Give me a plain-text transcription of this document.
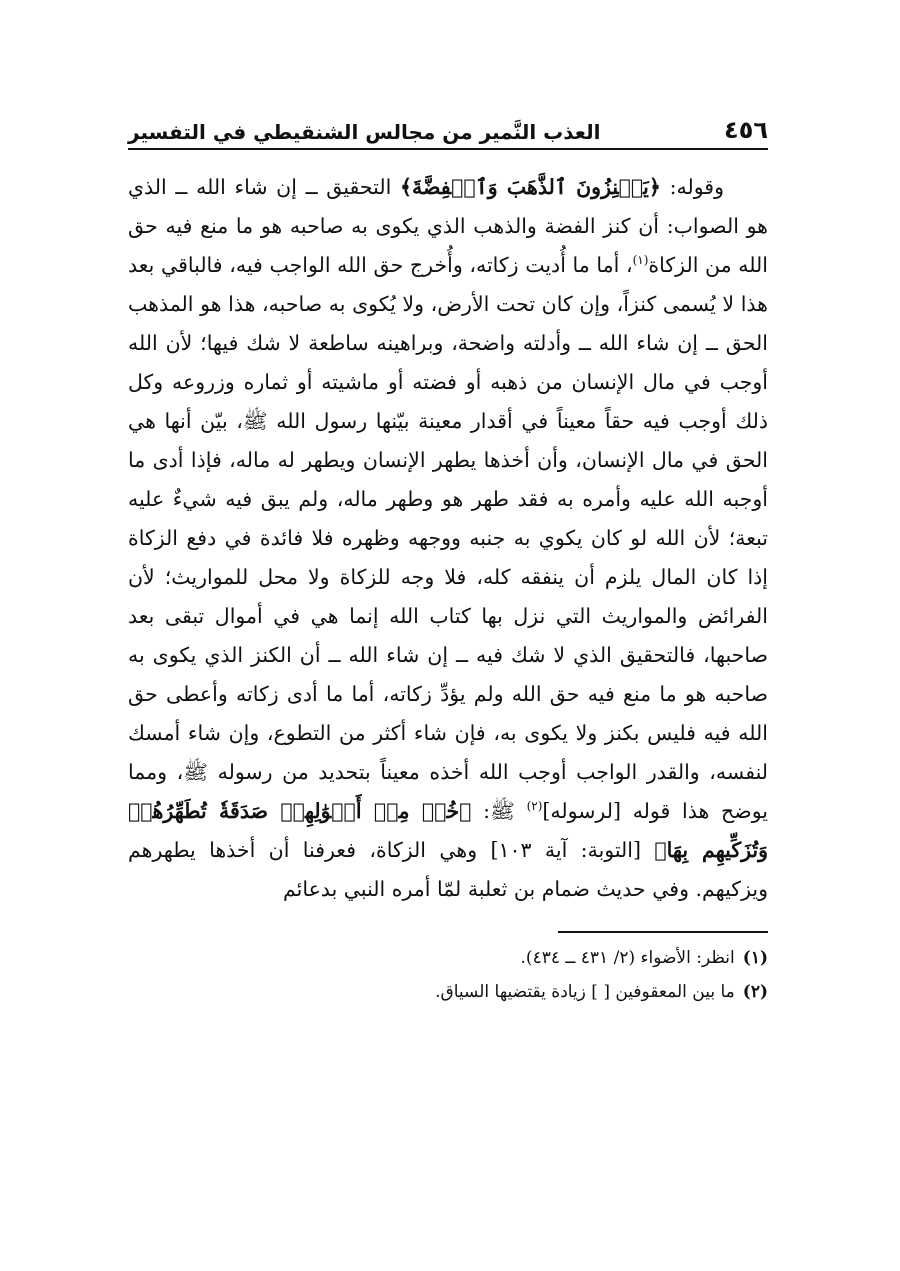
٤٥٦
العذب النَّمير من مجالس الشنقيطي في التفسير

وقوله: ﴿يَكۡنِزُونَ ٱلذَّهَبَ وَٱلۡفِضَّةَ﴾ التحقيق ــ إن شاء الله ــ الذي هو الصواب: أن كنز الفضة والذهب الذي يكوى به صاحبه هو ما منع فيه حق الله من الزكاة$^{(١)}$، أما ما أُديت زكاته، وأُخرج حق الله الواجب فيه، فالباقي بعد هذا لا يُسمى كنزاً، وإن كان تحت الأرض، ولا يُكوى به صاحبه، هذا هو المذهب الحق ــ إن شاء الله ــ وأدلته واضحة، وبراهينه ساطعة لا شك فيها؛ لأن الله أوجب في مال الإنسان من ذهبه أو فضته أو ماشيته أو ثماره وزروعه وكل ذلك أوجب فيه حقاً معيناً في أقدار معينة بيّنها رسول الله ﷺ، بيّن أنها هي الحق في مال الإنسان، وأن أخذها يطهر الإنسان ويطهر له ماله، فإذا أدى ما أوجبه الله عليه وأمره به فقد طهر هو وطهر ماله، ولم يبق فيه شيءٌ عليه تبعة؛ لأن الله لو كان يكوي به جنبه ووجهه وظهره فلا فائدة في دفع الزكاة إذا كان المال يلزم أن ينفقه كله، فلا وجه للزكاة ولا محل للمواريث؛ لأن الفرائض والمواريث التي نزل بها كتاب الله إنما هي في أموال تبقى بعد صاحبها، فالتحقيق الذي لا شك فيه ــ إن شاء الله ــ أن الكنز الذي يكوى به صاحبه هو ما منع فيه حق الله ولم يؤدِّ زكاته، أما ما أدى زكاته وأعطى حق الله فيه فليس بكنز ولا يكوى به، فإن شاء أكثر من التطوع، وإن شاء أمسك لنفسه، والقدر الواجب أوجب الله أخذه معيناً بتحديد من رسوله ﷺ، ومما يوضح هذا قوله [لرسوله]$^{(٢)}$ ﷺ: ﴿خُذۡ مِنۡ أَمۡوَٰلِهِمۡ صَدَقَةٗ تُطَهِّرُهُمۡ وَتُزَكِّيهِم بِهَا﴾ [التوبة: آية ١٠٣] وهي الزكاة، فعرفنا أن أخذها يطهرهم ويزكيهم. وفي حديث ضمام بن ثعلبة لمّا أمره النبي بدعائم

(١)
انظر: الأضواء (٢/ ٤٣١ ــ ٤٣٤).
(٢)
ما بين المعقوفين [ ] زيادة يقتضيها السياق.
